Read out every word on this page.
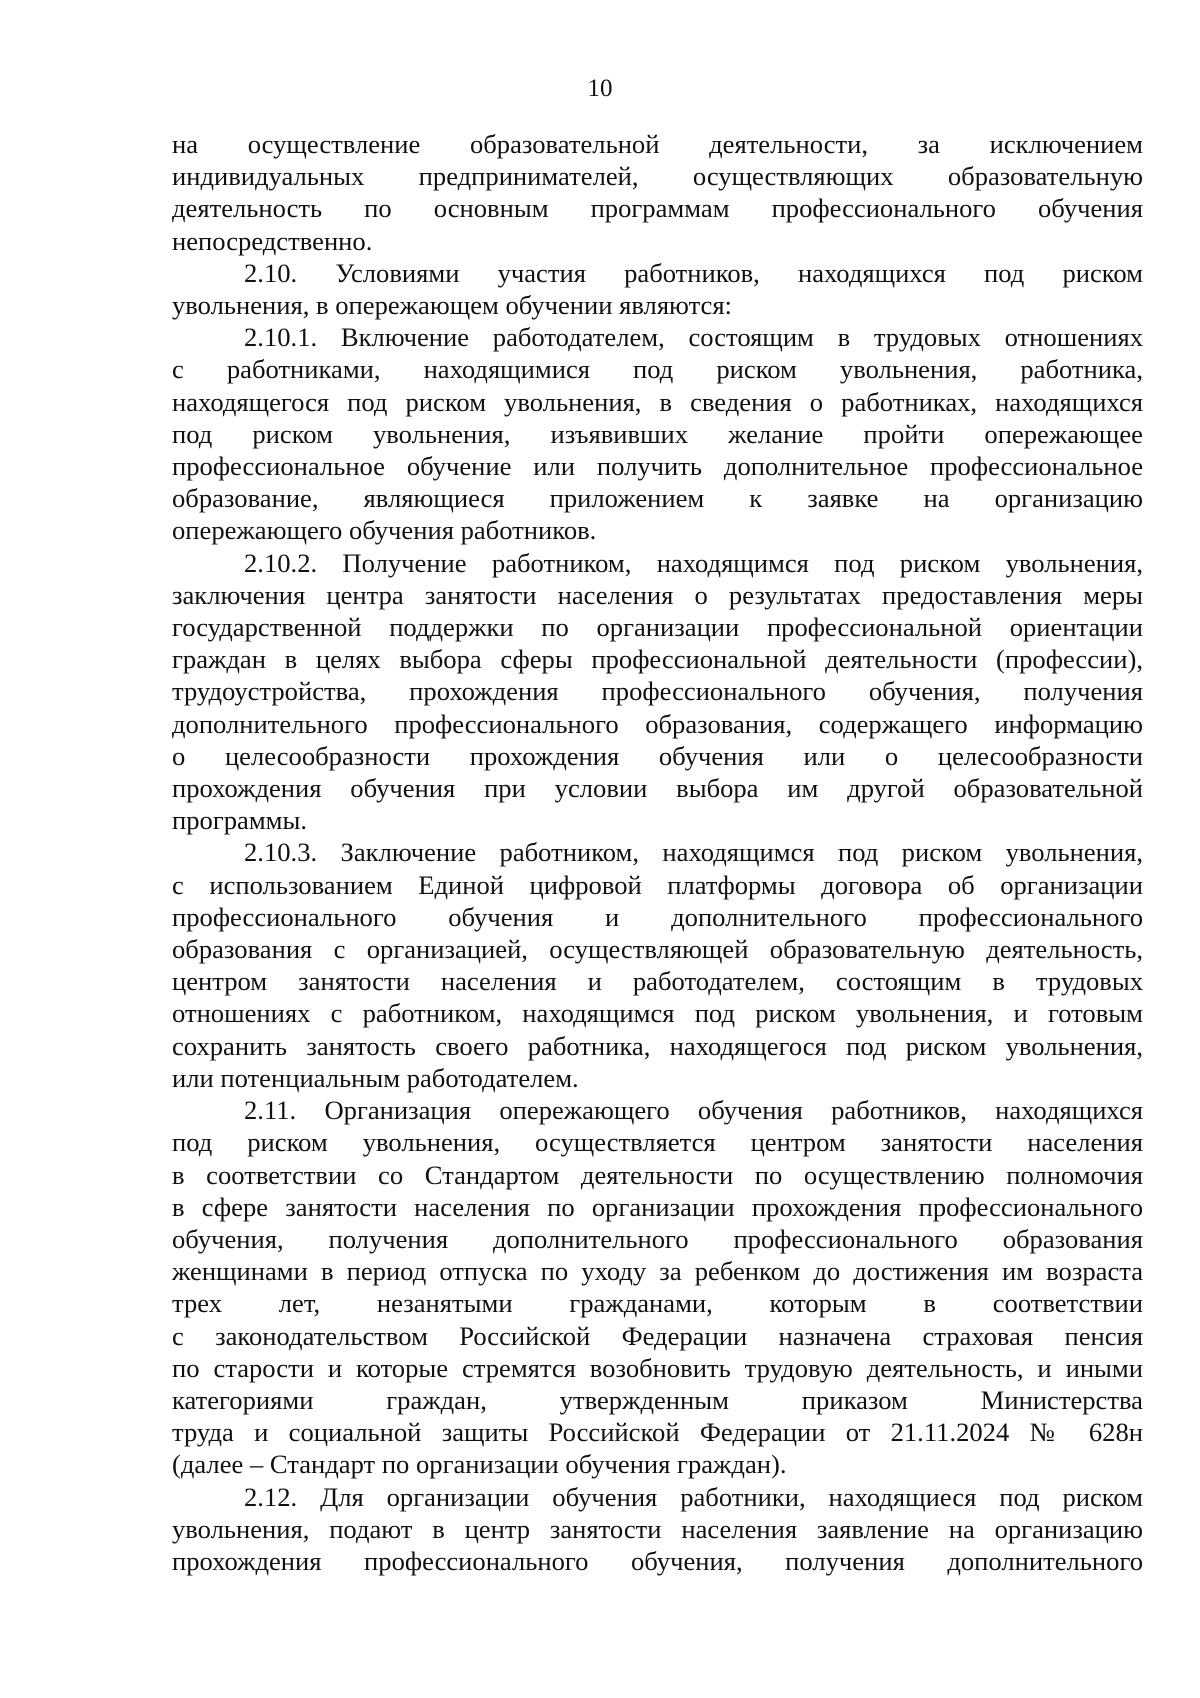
10
на осуществление образовательной деятельности, за исключением
индивидуальных предпринимателей, осуществляющих образовательную
деятельность по основным программам профессионального обучения
непосредственно.
2.10. Условиями участия работников, находящихся под риском
увольнения, в опережающем обучении являются:
2.10.1. Включение работодателем, состоящим в трудовых отношениях
с работниками, находящимися под риском увольнения, работника,
находящегося под риском увольнения, в сведения о работниках, находящихся
под риском увольнения, изъявивших желание пройти опережающее
профессиональное обучение или получить дополнительное профессиональное
образование, являющиеся приложением к заявке на организацию
опережающего обучения работников.
2.10.2. Получение работником, находящимся под риском увольнения,
заключения центра занятости населения о результатах предоставления меры
государственной поддержки по организации профессиональной ориентации
граждан в целях выбора сферы профессиональной деятельности (профессии),
трудоустройства, прохождения профессионального обучения, получения
дополнительного профессионального образования, содержащего информацию
о целесообразности прохождения обучения или о целесообразности
прохождения обучения при условии выбора им другой образовательной
программы.
2.10.3. Заключение работником, находящимся под риском увольнения,
с использованием Единой цифровой платформы договора об организации
профессионального обучения и дополнительного профессионального
образования с организацией, осуществляющей образовательную деятельность,
центром занятости населения и работодателем, состоящим в трудовых
отношениях с работником, находящимся под риском увольнения, и готовым
сохранить занятость своего работника, находящегося под риском увольнения,
или потенциальным работодателем.
2.11. Организация опережающего обучения работников, находящихся
под риском увольнения, осуществляется центром занятости населения
в соответствии со Стандартом деятельности по осуществлению полномочия
в сфере занятости населения по организации прохождения профессионального
обучения, получения дополнительного профессионального образования
женщинами в период отпуска по уходу за ребенком до достижения им возраста
трех лет, незанятыми гражданами, которым в соответствии
с законодательством Российской Федерации назначена страховая пенсия
по старости и которые стремятся возобновить трудовую деятельность, и иными
категориями граждан, утвержденным приказом Министерства
труда и социальной защиты Российской Федерации от 21.11.2024 № 628н
(далее – Стандарт по организации обучения граждан).
2.12. Для организации обучения работники, находящиеся под риском
увольнения, подают в центр занятости населения заявление на организацию
прохождения профессионального обучения, получения дополнительного
